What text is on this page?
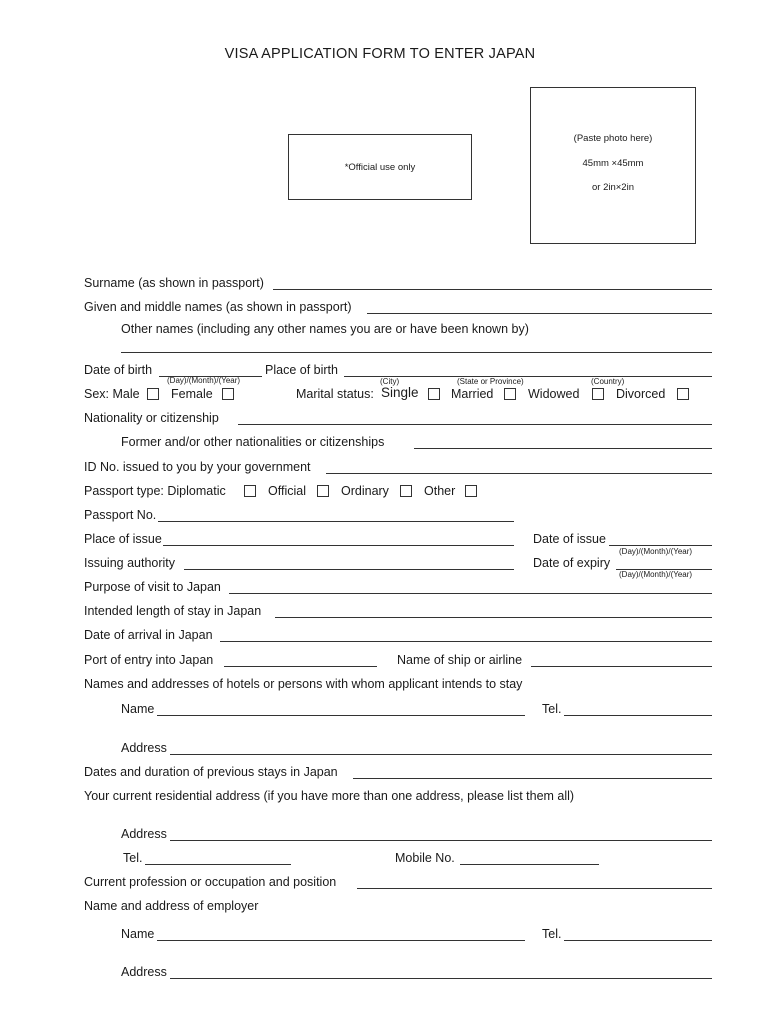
VISA APPLICATION FORM TO ENTER JAPAN
*Official use only
(Paste photo here)
45mm ×45mm
or 2in×2in
Surname (as shown in passport)
Given and middle names (as shown in passport)
Other names (including any other names you are or have been known by)
Date of birth
(Day)/(Month)/(Year)
Place of birth
(City)	(State or Province)	(Country)
Sex: Male	Female	Marital status: Single	Married	Widowed	Divorced
Nationality or citizenship
Former and/or other nationalities or citizenships
ID No. issued to you by your government
Passport type: Diplomatic	Official	Ordinary	Other
Passport No.
Place of issue	Date of issue
(Day)/(Month)/(Year)
Issuing authority	Date of expiry
(Day)/(Month)/(Year)
Purpose of visit to Japan
Intended length of stay in Japan
Date of arrival in Japan
Port of entry into Japan	Name of ship or airline
Names and addresses of hotels or persons with whom applicant intends to stay
Name	Tel.
Address
Dates and duration of previous stays in Japan
Your current residential address (if you have more than one address, please list them all)
Address
Tel.	Mobile No.
Current profession or occupation and position
Name and address of employer
Name	Tel.
Address
